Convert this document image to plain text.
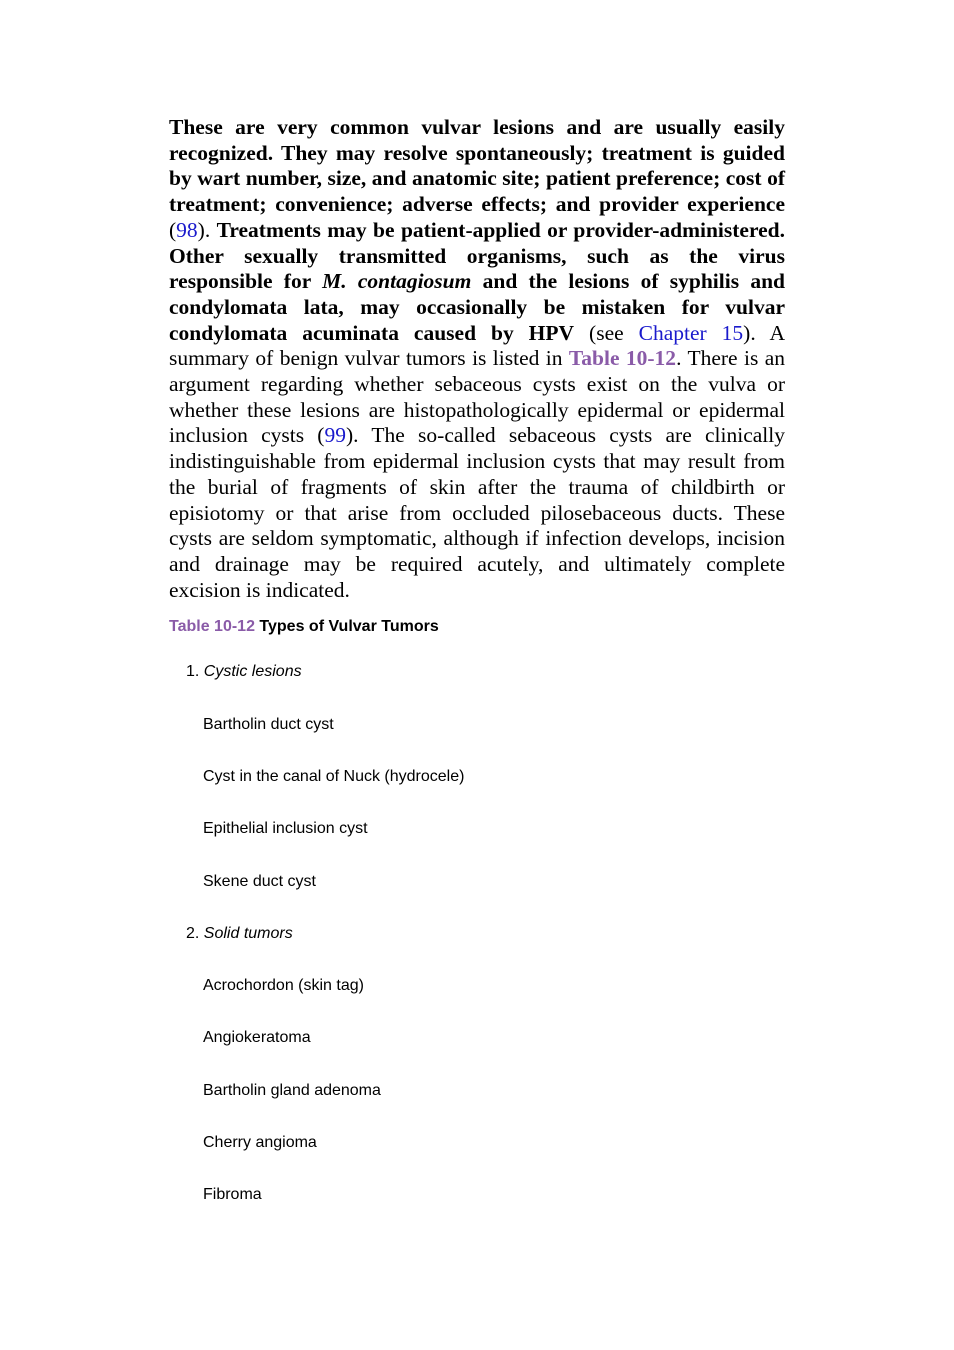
These are very common vulvar lesions and are usually easily recognized. They may resolve spontaneously; treatment is guided by wart number, size, and anatomic site; patient preference; cost of treatment; convenience; adverse effects; and provider experience (98). Treatments may be patient-applied or provider-administered. Other sexually transmitted organisms, such as the virus responsible for M. contagiosum and the lesions of syphilis and condylomata lata, may occasionally be mistaken for vulvar condylomata acuminata caused by HPV (see Chapter 15). A summary of benign vulvar tumors is listed in Table 10-12. There is an argument regarding whether sebaceous cysts exist on the vulva or whether these lesions are histopathologically epidermal or epidermal inclusion cysts (99). The so-called sebaceous cysts are clinically indistinguishable from epidermal inclusion cysts that may result from the burial of fragments of skin after the trauma of childbirth or episiotomy or that arise from occluded pilosebaceous ducts. These cysts are seldom symptomatic, although if infection develops, incision and drainage may be required acutely, and ultimately complete excision is indicated.

Table 10-12 Types of Vulvar Tumors
1. Cystic lesions
Bartholin duct cyst
Cyst in the canal of Nuck (hydrocele)
Epithelial inclusion cyst
Skene duct cyst
2. Solid tumors
Acrochordon (skin tag)
Angiokeratoma
Bartholin gland adenoma
Cherry angioma
Fibroma
